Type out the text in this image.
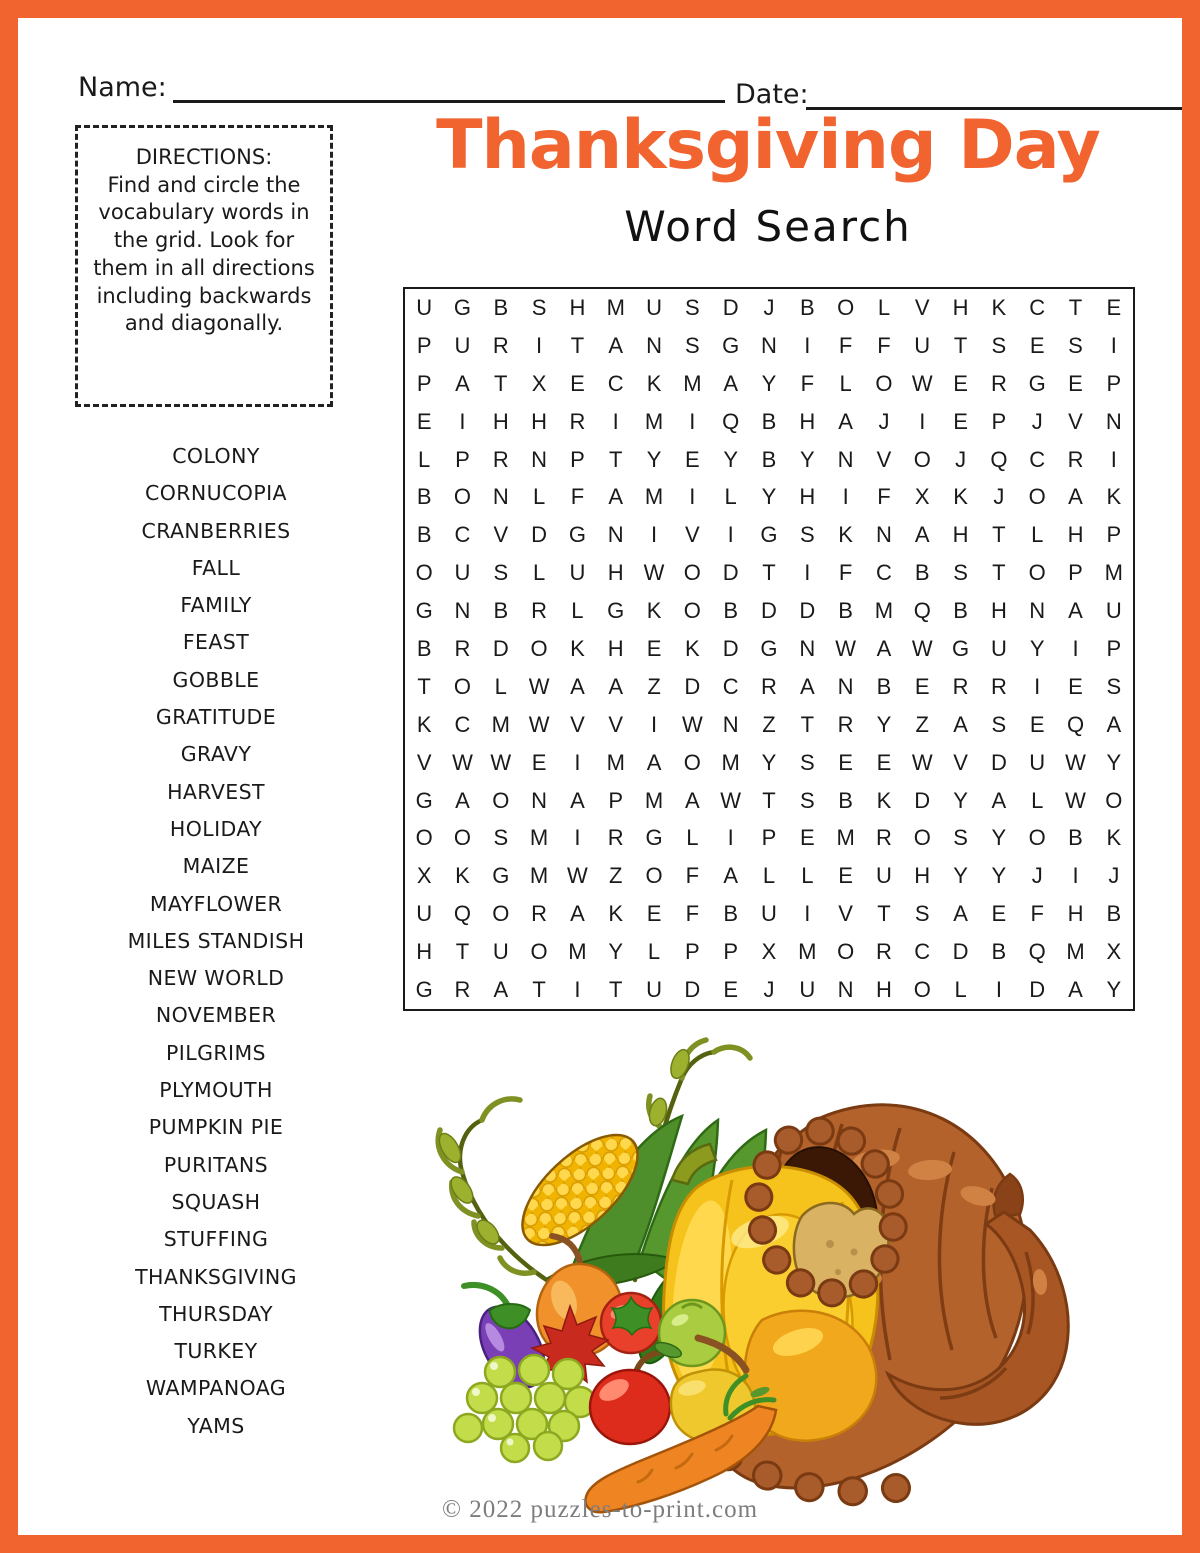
Name:	Date:
Thanksgiving Day
Word Search
DIRECTIONS:
Find and circle the vocabulary words in the grid. Look for them in all directions including backwards and diagonally.
COLONY
CORNUCOPIA
CRANBERRIES
FALL
FAMILY
FEAST
GOBBLE
GRATITUDE
GRAVY
HARVEST
HOLIDAY
MAIZE
MAYFLOWER
MILES STANDISH
NEW WORLD
NOVEMBER
PILGRIMS
PLYMOUTH
PUMPKIN PIE
PURITANS
SQUASH
STUFFING
THANKSGIVING
THURSDAY
TURKEY
WAMPANOAG
YAMS
U G	B	S	H M U	S	D	J	B	O	L	V	H	K	C	T	E
P	U	R	I	T	A	N	S	G N	I	F	F	U	T	S	E	S	I
P	A	T	X	E	C	K M A	Y	F	L	O W E	R G	E	P
E	I	H	H	R	I	M	I	Q	B	H	A	J	I	E	P	J	V	N
L	P	R	N	P	T	Y	E	Y	B	Y	N	V	O	J	Q C	R	I
B	O N	L	F	A M	I	L	Y	H	I	F	X	K	J	O	A	K
B	C	V	D G N	I	V	I	G	S	K	N	A	H	T	L	H	P
O U	S	L	U	H W O D	T	I	F	C	B	S	T	O	P M
G N	B	R	L	G	K	O	B	D	D	B M Q	B	H	N	A	U
B	R	D O	K	H	E	K	D G N W A W G U	Y	I	P
T	O	L W A	A	Z	D	C	R	A	N	B	E	R	R	I	E	S
K	C M W V	V	I	W N	Z	T	R	Y	Z	A	S	E	Q	A
V W W E	I	M A	O M Y	S	E	E W V	D	U W Y
G	A	O N	A	P M A W T	S	B	K	D	Y	A	L W O
O O	S M	I	R G	L	I	P	E M R O	S	Y	O	B	K
X	K	G M W Z	O	F	A	L	L	E	U	H	Y	Y	J	I	J
U Q O R	A	K	E	F	B	U	I	V	T	S	A	E	F	H	B
H	T	U O M Y	L	P	P	X M O R	C	D	B	Q M X
G R	A	T	I	T	U	D	E	J	U	N	H O	L	I	D	A	Y
© 2022 puzzles-to-print.com
